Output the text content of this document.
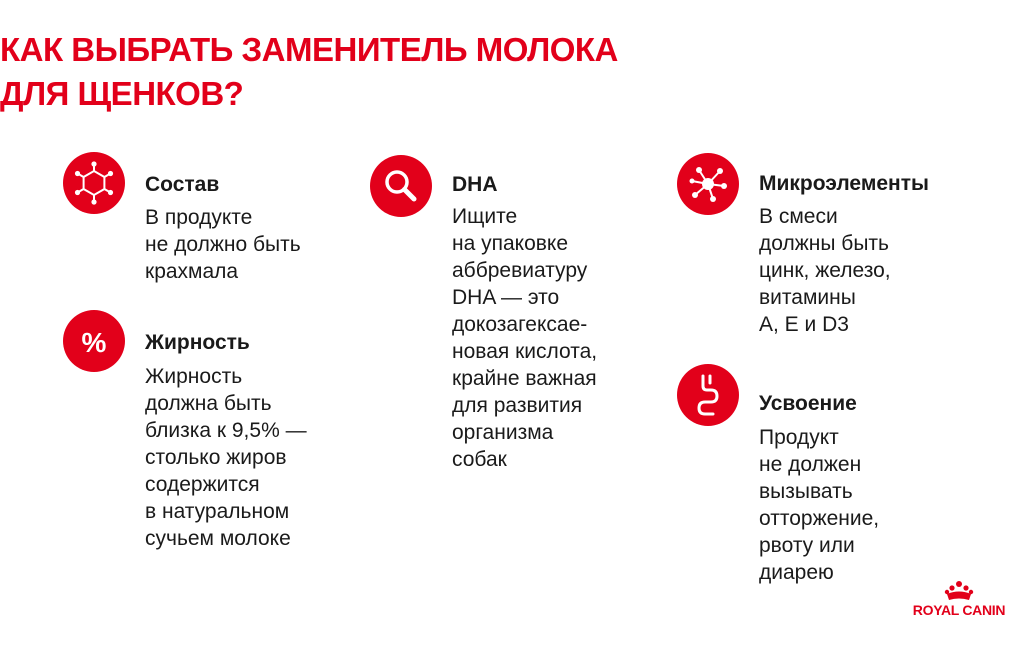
КАК ВЫБРАТЬ ЗАМЕНИТЕЛЬ МОЛОКА
ДЛЯ ЩЕНКОВ?
Состав
В продукте
не должно быть
крахмала
% Жирность
Жирность
должна быть
близка к 9,5% —
столько жиров
содержится
в натуральном
сучьем молоке
DHA
Ищите
на упаковке
аббревиатуру
DHA — это
докозагексае-
новая кислота,
крайне важная
для развития
организма
собак
Микроэлементы
В смеси
должны быть
цинк, железо,
витамины
A, E и D3
Усвоение
Продукт
не должен
вызывать
отторжение,
рвоту или
диарею
ROYAL CANIN
